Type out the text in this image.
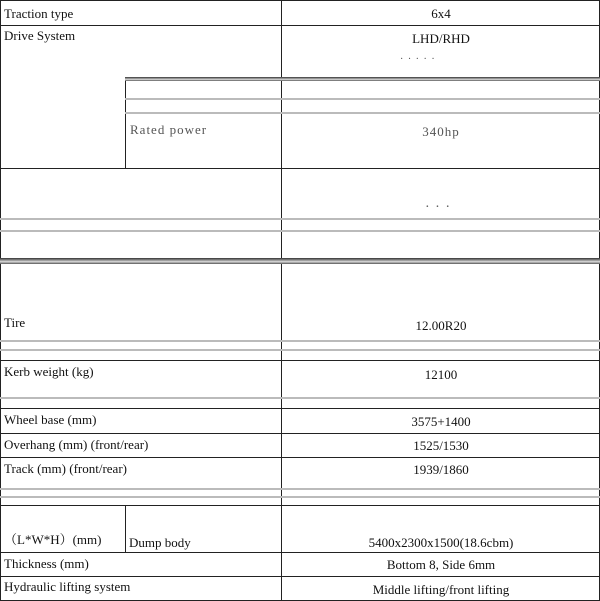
Traction type	6x4
Drive System	LHD/RHD
· · · · ·
Rated power	340hp
· · ·
Tire	12.00R20
Kerb weight (kg)	12100
Wheel base (mm)	3575+1400
Overhang (mm) (front/rear)	1525/1530
Track (mm) (front/rear)	1939/1860
（L*W*H）(mm) Dump body	5400x2300x1500(18.6cbm)
Thickness (mm)	Bottom 8, Side 6mm
Hydraulic lifting system	Middle lifting/front lifting
